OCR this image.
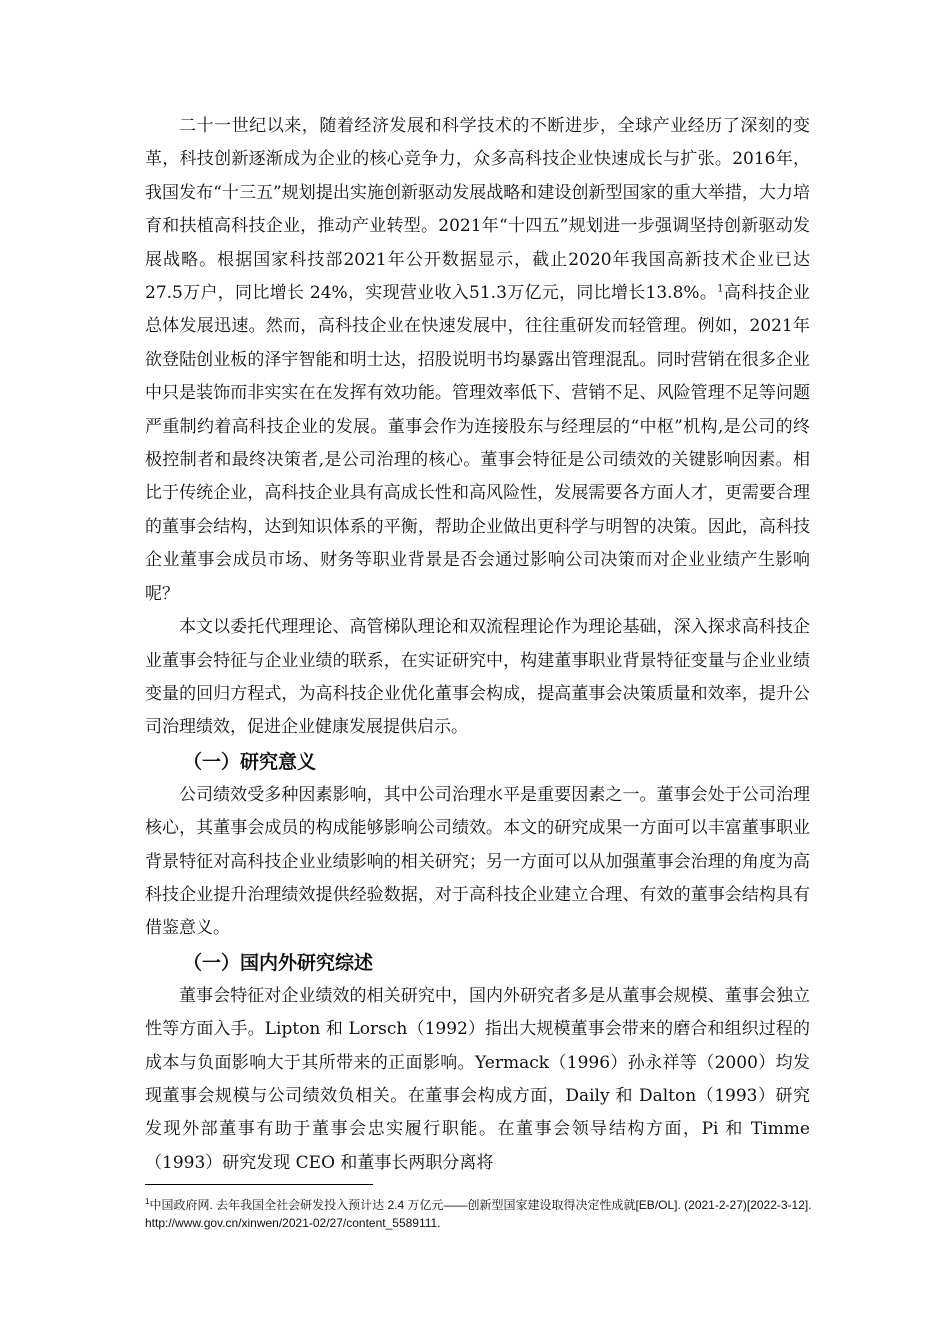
二十一世纪以来，随着经济发展和科学技术的不断进步，全球产业经历了深刻的变革，科技创新逐渐成为企业的核心竞争力，众多高科技企业快速成长与扩张。2016年，我国发布“十三五”规划提出实施创新驱动发展战略和建设创新型国家的重大举措，大力培育和扶植高科技企业，推动产业转型。2021年“十四五”规划进一步强调坚持创新驱动发展战略。根据国家科技部2021年公开数据显示，截止2020年我国高新技术企业已达27.5万户，同比增长 24%，实现营业收入51.3万亿元，同比增长13.8%。$^1$高科技企业总体发展迅速。然而，高科技企业在快速发展中，往往重研发而轻管理。例如，2021年欲登陆创业板的泽宇智能和明士达，招股说明书均暴露出管理混乱。同时营销在很多企业中只是装饰而非实实在在发挥有效功能。管理效率低下、营销不足、风险管理不足等问题严重制约着高科技企业的发展。董事会作为连接股东与经理层的“中枢”机构,是公司的终极控制者和最终决策者,是公司治理的核心。董事会特征是公司绩效的关键影响因素。相比于传统企业，高科技企业具有高成长性和高风险性，发展需要各方面人才，更需要合理的董事会结构，达到知识体系的平衡，帮助企业做出更科学与明智的决策。因此，高科技企业董事会成员市场、财务等职业背景是否会通过影响公司决策而对企业业绩产生影响呢？

本文以委托代理理论、高管梯队理论和双流程理论作为理论基础，深入探求高科技企业董事会特征与企业业绩的联系，在实证研究中，构建董事职业背景特征变量与企业业绩变量的回归方程式，为高科技企业优化董事会构成，提高董事会决策质量和效率，提升公司治理绩效，促进企业健康发展提供启示。

（一）研究意义

公司绩效受多种因素影响，其中公司治理水平是重要因素之一。董事会处于公司治理核心，其董事会成员的构成能够影响公司绩效。本文的研究成果一方面可以丰富董事职业背景特征对高科技企业业绩影响的相关研究；另一方面可以从加强董事会治理的角度为高科技企业提升治理绩效提供经验数据，对于高科技企业建立合理、有效的董事会结构具有借鉴意义。

（一）国内外研究综述

董事会特征对企业绩效的相关研究中，国内外研究者多是从董事会规模、董事会独立性等方面入手。Lipton 和 Lorsch（1992）指出大规模董事会带来的磨合和组织过程的成本与负面影响大于其所带来的正面影响。Yermack（1996）孙永祥等（2000）均发现董事会规模与公司绩效负相关。在董事会构成方面，Daily 和 Dalton（1993）研究发现外部董事有助于董事会忠实履行职能。在董事会领导结构方面，Pi 和 Timme（1993）研究发现 CEO 和董事长两职分离将

$^1$中国政府网. 去年我国全社会研发投入预计达 2.4 万亿元——创新型国家建设取得决定性成就[EB/OL]. (2021-2-27)[2022-3-12].http://www.gov.cn/xinwen/2021-02/27/content_5589111.
